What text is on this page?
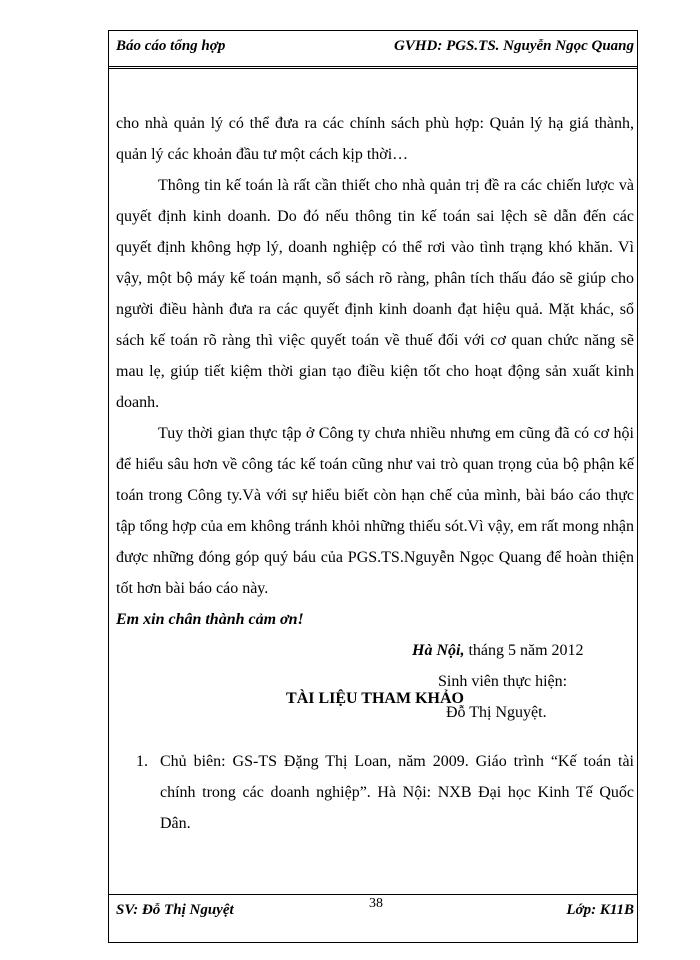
Báo cáo tổng hợp	GVHD: PGS.TS. Nguyễn Ngọc Quang

cho nhà quản lý có thể đưa ra các chính sách phù hợp: Quản lý hạ giá thành, quản lý các khoản đầu tư một cách kịp thời…

Thông tin kế toán là rất cần thiết cho nhà quản trị đề ra các chiến lược và quyết định kinh doanh. Do đó nếu thông tin kế toán sai lệch sẽ dẫn đến các quyết định không hợp lý, doanh nghiệp có thể rơi vào tình trạng khó khăn. Vì vậy, một bộ máy kế toán mạnh, sổ sách rõ ràng, phân tích thấu đáo sẽ giúp cho người điều hành đưa ra các quyết định kinh doanh đạt hiệu quả. Mặt khác, sổ sách kế toán rõ ràng thì việc quyết toán về thuế đối với cơ quan chức năng sẽ mau lẹ, giúp tiết kiệm thời gian tạo điều kiện tốt cho hoạt động sản xuất kinh doanh.

Tuy thời gian thực tập ở Công ty chưa nhiều nhưng em cũng đã có cơ hội để hiểu sâu hơn về công tác kế toán cũng như vai trò quan trọng của bộ phận kế toán trong Công ty.Và với sự hiểu biết còn hạn chế của mình, bài báo cáo thực tập tổng hợp của em không tránh khỏi những thiếu sót.Vì vậy, em rất mong nhận được những đóng góp quý báu của PGS.TS.Nguyễn Ngọc Quang để hoàn thiện tốt hơn bài báo cáo này.

Em xin chân thành cảm ơn!

Hà Nội, tháng 5 năm 2012

Sinh viên thực hiện:

Đỗ Thị Nguyệt.

TÀI LIỆU THAM KHẢO
1. Chủ biên: GS-TS Đặng Thị Loan, năm 2009. Giáo trình “Kế toán tài chính trong các doanh nghiệp”. Hà Nội: NXB Đại học Kinh Tế Quốc Dân.
SV: Đỗ Thị Nguyệt	38	Lớp: K11B
